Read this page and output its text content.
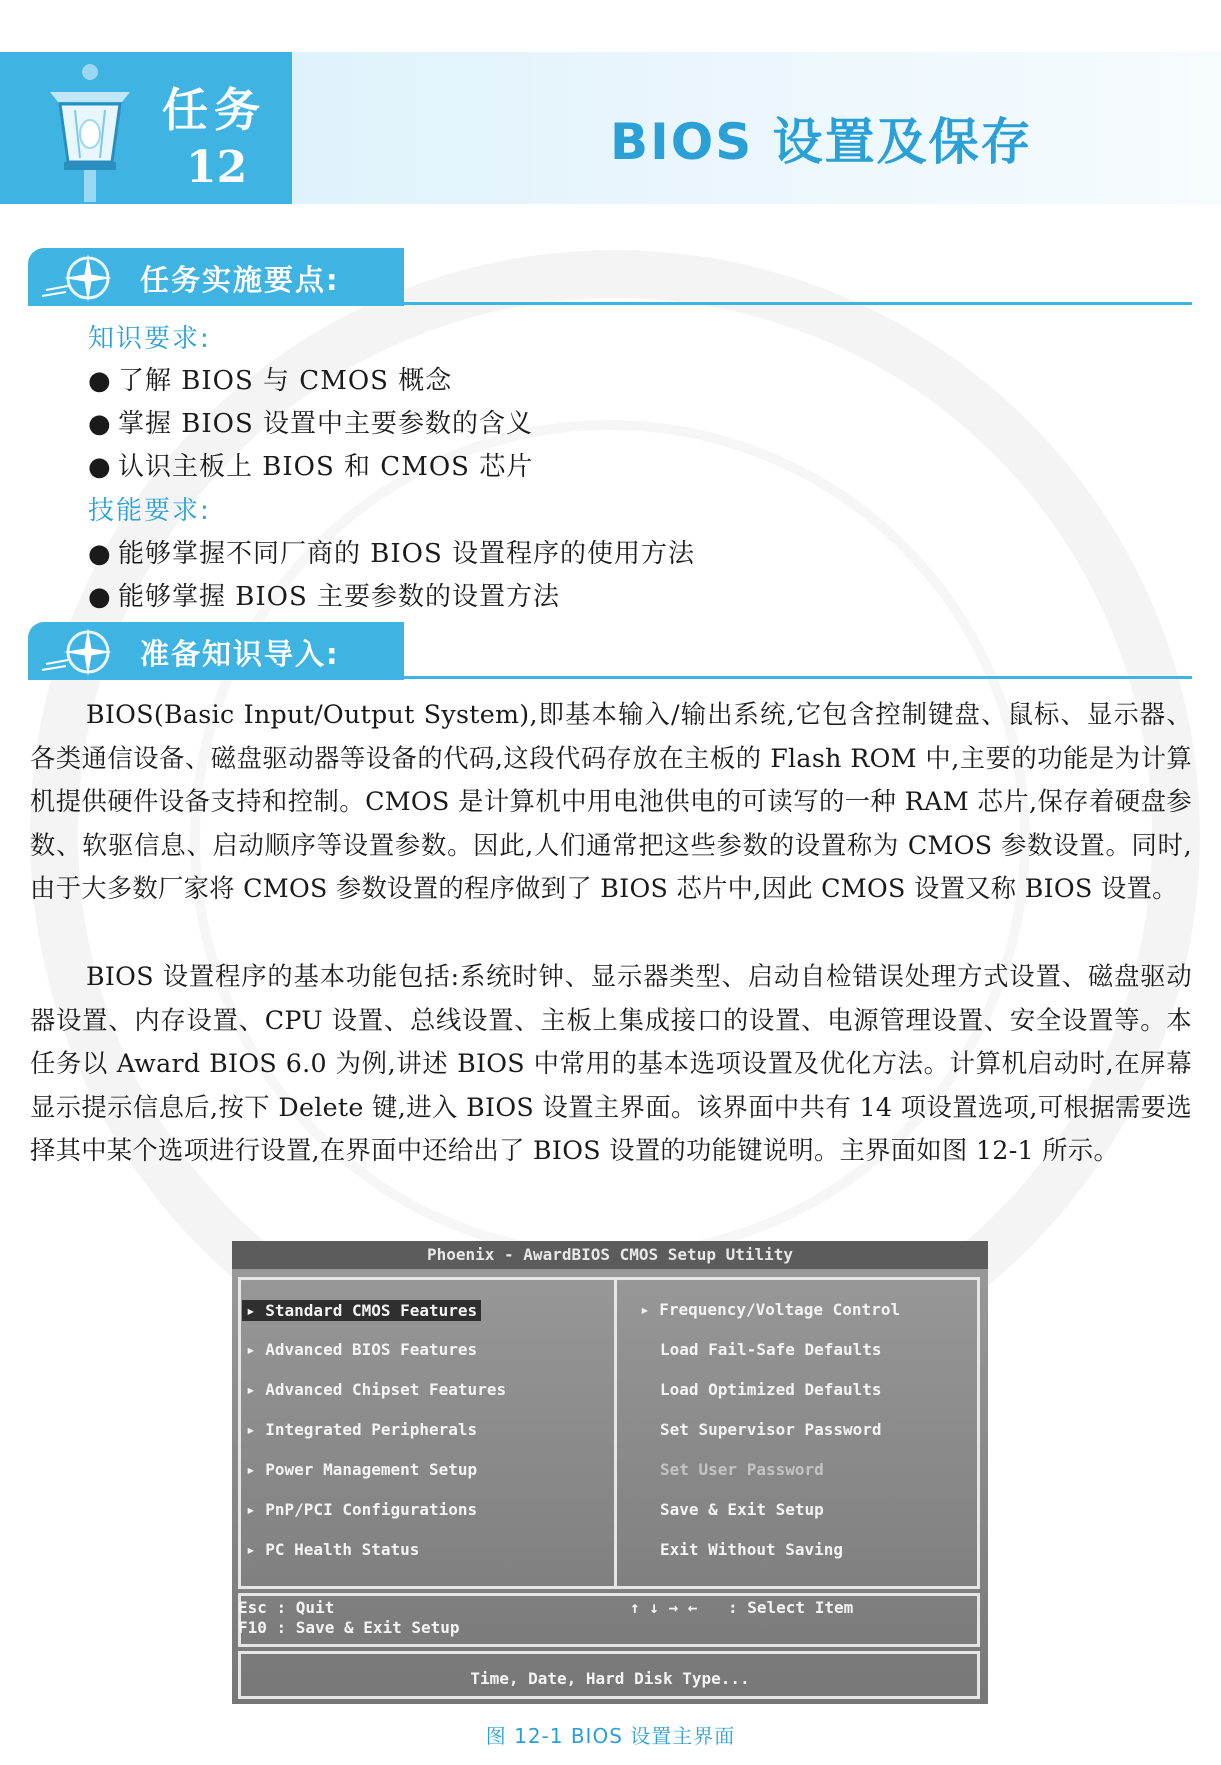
任务
12	BIOS 设置及保存
任务实施要点:
知识要求:
● 了解 BIOS 与 CMOS 概念
● 掌握 BIOS 设置中主要参数的含义
● 认识主板上 BIOS 和 CMOS 芯片
技能要求:
● 能够掌握不同厂商的 BIOS 设置程序的使用方法
● 能够掌握 BIOS 主要参数的设置方法
准备知识导入:

BIOS(Basic Input/Output System),即基本输入/输出系统,它包含控制键盘、鼠标、显示器、各类通信设备、磁盘驱动器等设备的代码,这段代码存放在主板的 Flash ROM 中,主要的功能是为计算机提供硬件设备支持和控制。CMOS 是计算机中用电池供电的可读写的一种 RAM 芯片,保存着硬盘参数、软驱信息、启动顺序等设置参数。因此,人们通常把这些参数的设置称为 CMOS 参数设置。同时,由于大多数厂家将 CMOS 参数设置的程序做到了 BIOS 芯片中,因此 CMOS 设置又称 BIOS 设置。

BIOS 设置程序的基本功能包括:系统时钟、显示器类型、启动自检错误处理方式设置、磁盘驱动器设置、内存设置、CPU 设置、总线设置、主板上集成接口的设置、电源管理设置、安全设置等。本任务以 Award BIOS 6.0 为例,讲述 BIOS 中常用的基本选项设置及优化方法。计算机启动时,在屏幕显示提示信息后,按下 Delete 键,进入 BIOS 设置主界面。该界面中共有 14 项设置选项,可根据需要选择其中某个选项进行设置,在界面中还给出了 BIOS 设置的功能键说明。主界面如图 12-1 所示。

Phoenix - AwardBIOS CMOS Setup Utility
▸ Standard CMOS Features
▸ Advanced BIOS Features
▸ Advanced Chipset Features
▸ Integrated Peripherals
▸ Power Management Setup
▸ PnP/PCI Configurations
▸ PC Health Status
▸ Frequency/Voltage Control
Load Fail-Safe Defaults
Load Optimized Defaults
Set Supervisor Password
Set User Password
Save & Exit Setup
Exit Without Saving
Esc : Quit
F10 : Save & Exit Setup
↑ ↓ → ← : Select Item
Time, Date, Hard Disk Type...
图 12-1 BIOS 设置主界面
